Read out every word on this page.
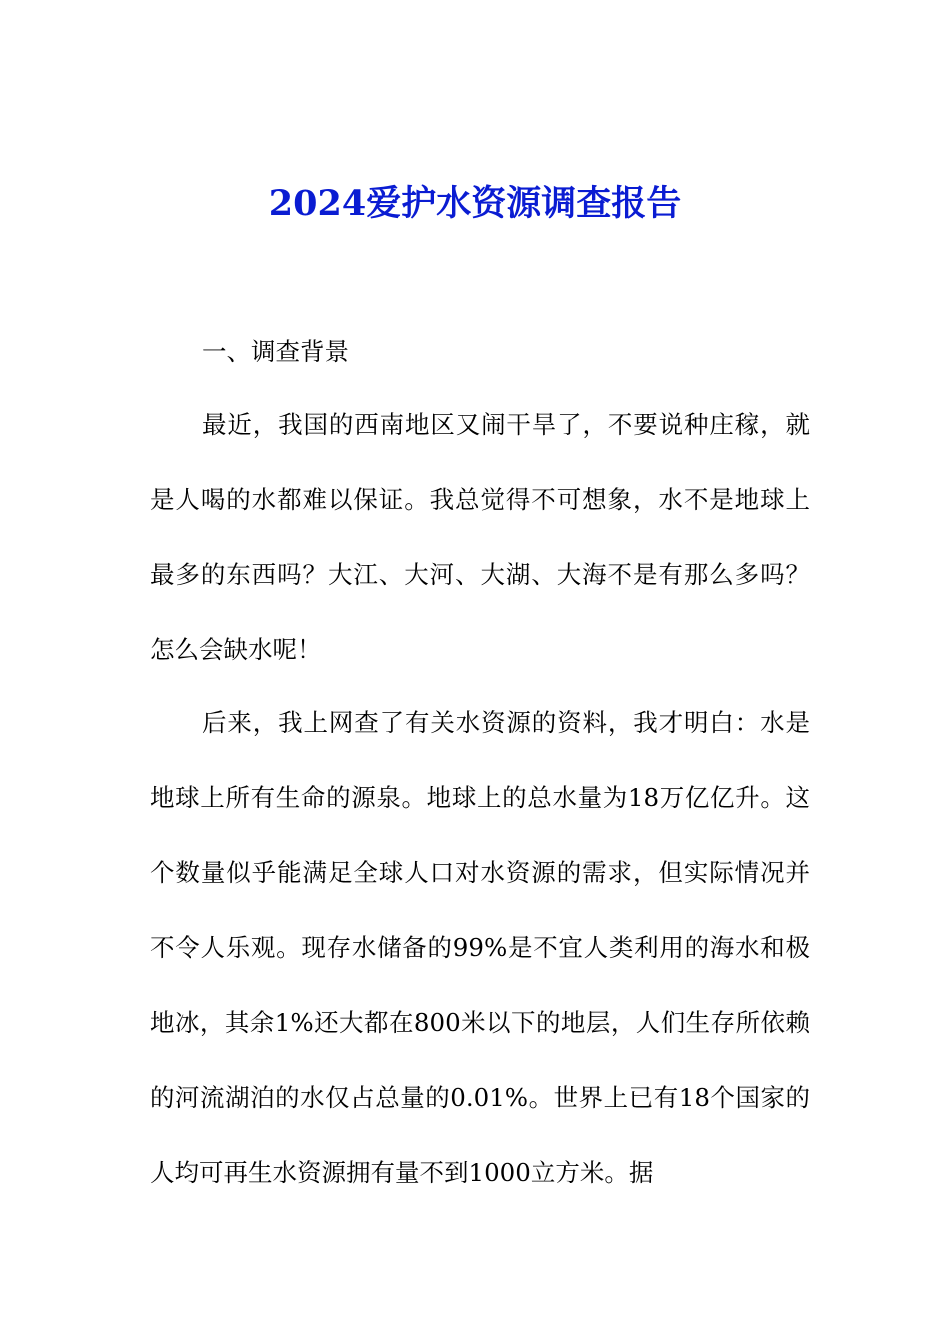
2024爱护水资源调查报告

一、调查背景

最近，我国的西南地区又闹干旱了，不要说种庄稼，就是人喝的水都难以保证。我总觉得不可想象，水不是地球上最多的东西吗？大江、大河、大湖、大海不是有那么多吗？怎么会缺水呢！

后来，我上网查了有关水资源的资料，我才明白：水是地球上所有生命的源泉。地球上的总水量为18万亿亿升。这个数量似乎能满足全球人口对水资源的需求，但实际情况并不令人乐观。现存水储备的99%是不宜人类利用的海水和极地冰，其余1%还大都在800米以下的地层，人们生存所依赖的河流湖泊的水仅占总量的0.01%。世界上已有18个国家的人均可再生水资源拥有量不到1000立方米。据
